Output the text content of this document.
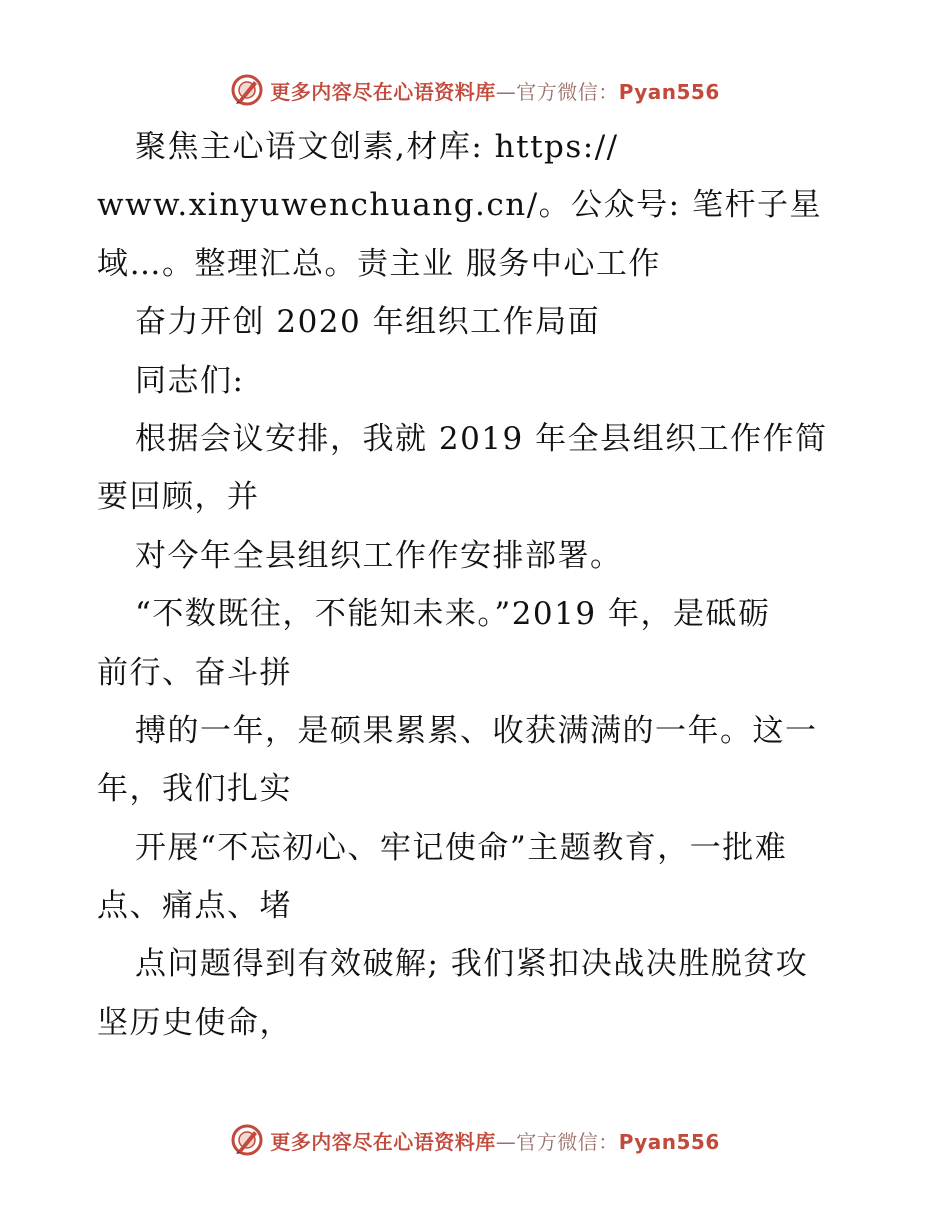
更多内容尽在心语资料库—官方微信：Pyan556
聚焦主心语文创素,材库: https://
www.xinyuwenchuang.cn/。公众号: 笔杆子星
域…。整理汇总。责主业 服务中心工作
奋力开创 2020 年组织工作局面
同志们:
根据会议安排，我就 2019 年全县组织工作作简
要回顾，并
对今年全县组织工作作安排部署。
“不数既往，不能知未来。”2019 年，是砥砺
前行、奋斗拼
搏的一年，是硕果累累、收获满满的一年。这一
年，我们扎实
开展“不忘初心、牢记使命”主题教育，一批难
点、痛点、堵
点问题得到有效破解; 我们紧扣决战决胜脱贫攻
坚历史使命，
更多内容尽在心语资料库—官方微信：Pyan556
